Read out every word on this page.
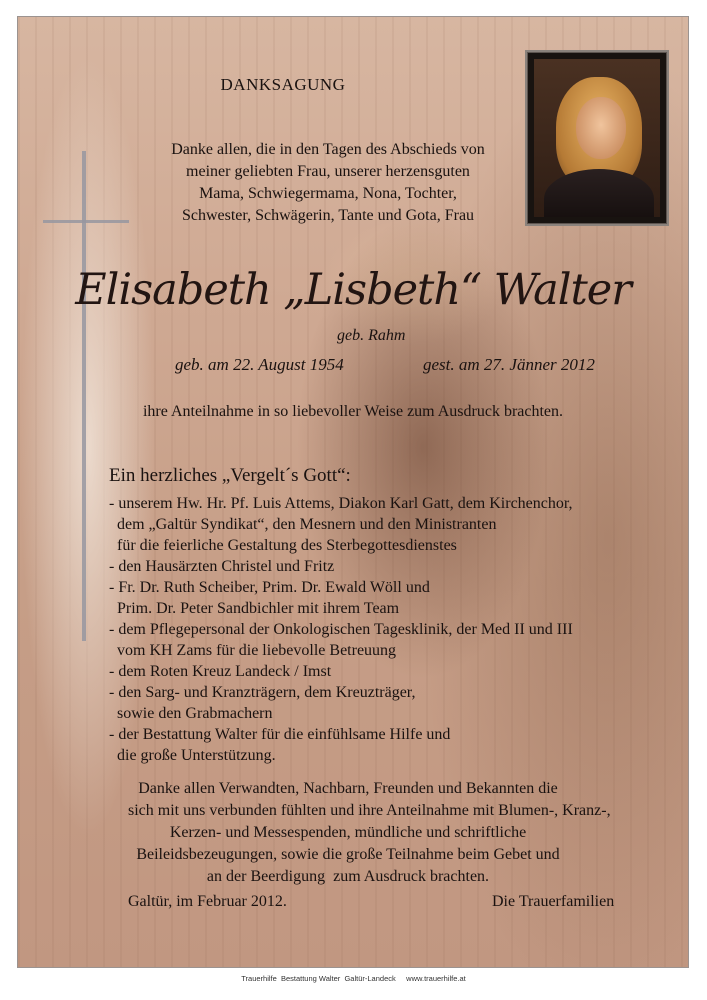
DANKSAGUNG

Danke allen, die in den Tagen des Abschieds von
meiner geliebten Frau, unserer herzensguten
Mama, Schwiegermama, Nona, Tochter,
Schwester, Schwägerin, Tante und Gota, Frau

Elisabeth „Lisbeth“ Walter

geb. Rahm

geb. am 22. August 1954	gest. am 27. Jänner 2012

ihre Anteilnahme in so liebevoller Weise zum Ausdruck brachten.

Ein herzliches „Vergelt´s Gott“:

- unserem Hw. Hr. Pf. Luis Attems, Diakon Karl Gatt, dem Kirchenchor,
dem „Galtür Syndikat“, den Mesnern und den Ministranten
für die feierliche Gestaltung des Sterbegottesdienstes
- den Hausärzten Christel und Fritz
- Fr. Dr. Ruth Scheiber, Prim. Dr. Ewald Wöll und
Prim. Dr. Peter Sandbichler mit ihrem Team
- dem Pflegepersonal der Onkologischen Tagesklinik, der Med II und III
vom KH Zams für die liebevolle Betreuung
- dem Roten Kreuz Landeck / Imst
- den Sarg- und Kranzträgern, dem Kreuzträger,
sowie den Grabmachern
- der Bestattung Walter für die einfühlsame Hilfe und
die große Unterstützung.

Danke allen Verwandten, Nachbarn, Freunden und Bekannten die
sich mit uns verbunden fühlten und ihre Anteilnahme mit Blumen-, Kranz-,
Kerzen- und Messespenden, mündliche und schriftliche
Beileidsbezeugungen, sowie die große Teilnahme beim Gebet und
an der Beerdigung  zum Ausdruck brachten.

Galtür, im Februar 2012.	Die Trauerfamilien

Trauerhilfe  Bestattung Walter  Galtür-Landeck     www.trauerhilfe.at
